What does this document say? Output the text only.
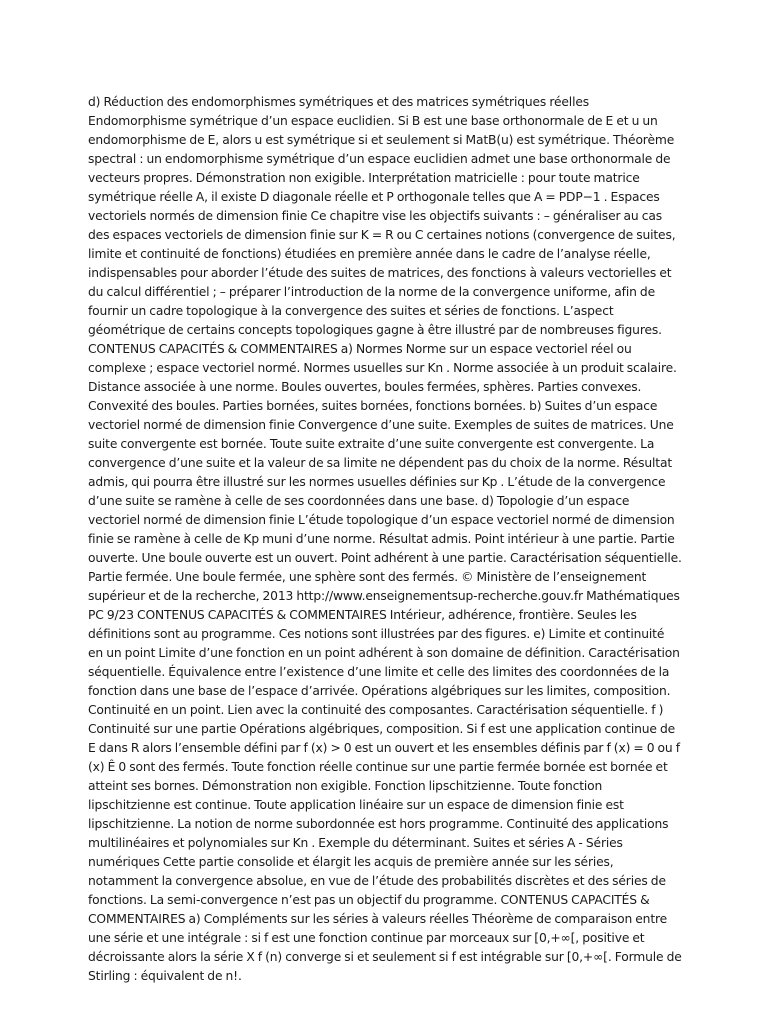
d) Réduction des endomorphismes symétriques et des matrices symétriques réelles Endomorphisme symétrique d’un espace euclidien. Si B est une base orthonormale de E et u un endomorphisme de E, alors u est symétrique si et seulement si MatB(u) est symétrique. Théorème spectral : un endomorphisme symétrique d’un espace euclidien admet une base orthonormale de vecteurs propres. Démonstration non exigible. Interprétation matricielle : pour toute matrice symétrique réelle A, il existe D diagonale réelle et P orthogonale telles que A = PDP−1 . Espaces vectoriels normés de dimension finie Ce chapitre vise les objectifs suivants : – généraliser au cas des espaces vectoriels de dimension finie sur K = R ou C certaines notions (convergence de suites, limite et continuité de fonctions) étudiées en première année dans le cadre de l’analyse réelle, indispensables pour aborder l’étude des suites de matrices, des fonctions à valeurs vectorielles et du calcul différentiel ; – préparer l’introduction de la norme de la convergence uniforme, afin de fournir un cadre topologique à la convergence des suites et séries de fonctions. L’aspect géométrique de certains concepts topologiques gagne à être illustré par de nombreuses figures. CONTENUS CAPACITÉS & COMMENTAIRES a) Normes Norme sur un espace vectoriel réel ou complexe ; espace vectoriel normé. Normes usuelles sur Kn . Norme associée à un produit scalaire. Distance associée à une norme. Boules ouvertes, boules fermées, sphères. Parties convexes. Convexité des boules. Parties bornées, suites bornées, fonctions bornées. b) Suites d’un espace vectoriel normé de dimension finie Convergence d’une suite. Exemples de suites de matrices. Une suite convergente est bornée. Toute suite extraite d’une suite convergente est convergente. La convergence d’une suite et la valeur de sa limite ne dépendent pas du choix de la norme. Résultat admis, qui pourra être illustré sur les normes usuelles définies sur Kp . L’étude de la convergence d’une suite se ramène à celle de ses coordonnées dans une base. d) Topologie d’un espace vectoriel normé de dimension finie L’étude topologique d’un espace vectoriel normé de dimension finie se ramène à celle de Kp muni d’une norme. Résultat admis. Point intérieur à une partie. Partie ouverte. Une boule ouverte est un ouvert. Point adhérent à une partie. Caractérisation séquentielle. Partie fermée. Une boule fermée, une sphère sont des fermés. © Ministère de l’enseignement supérieur et de la recherche, 2013 http://www.enseignementsup-recherche.gouv.fr Mathématiques PC 9/23 CONTENUS CAPACITÉS & COMMENTAIRES Intérieur, adhérence, frontière. Seules les définitions sont au programme. Ces notions sont illustrées par des figures. e) Limite et continuité en un point Limite d’une fonction en un point adhérent à son domaine de définition. Caractérisation séquentielle. Équivalence entre l’existence d’une limite et celle des limites des coordonnées de la fonction dans une base de l’espace d’arrivée. Opérations algébriques sur les limites, composition. Continuité en un point. Lien avec la continuité des composantes. Caractérisation séquentielle. f ) Continuité sur une partie Opérations algébriques, composition. Si f est une application continue de E dans R alors l’ensemble défini par f (x) > 0 est un ouvert et les ensembles définis par f (x) = 0 ou f (x) Ê 0 sont des fermés. Toute fonction réelle continue sur une partie fermée bornée est bornée et atteint ses bornes. Démonstration non exigible. Fonction lipschitzienne. Toute fonction lipschitzienne est continue. Toute application linéaire sur un espace de dimension finie est lipschitzienne. La notion de norme subordonnée est hors programme. Continuité des applications multilinéaires et polynomiales sur Kn . Exemple du déterminant. Suites et séries A - Séries numériques Cette partie consolide et élargit les acquis de première année sur les séries, notamment la convergence absolue, en vue de l’étude des probabilités discrètes et des séries de fonctions. La semi-convergence n’est pas un objectif du programme. CONTENUS CAPACITÉS & COMMENTAIRES a) Compléments sur les séries à valeurs réelles Théorème de comparaison entre une série et une intégrale : si f est une fonction continue par morceaux sur [0,+∞[, positive et décroissante alors la série X f (n) converge si et seulement si f est intégrable sur [0,+∞[. Formule de Stirling : équivalent de n!.
